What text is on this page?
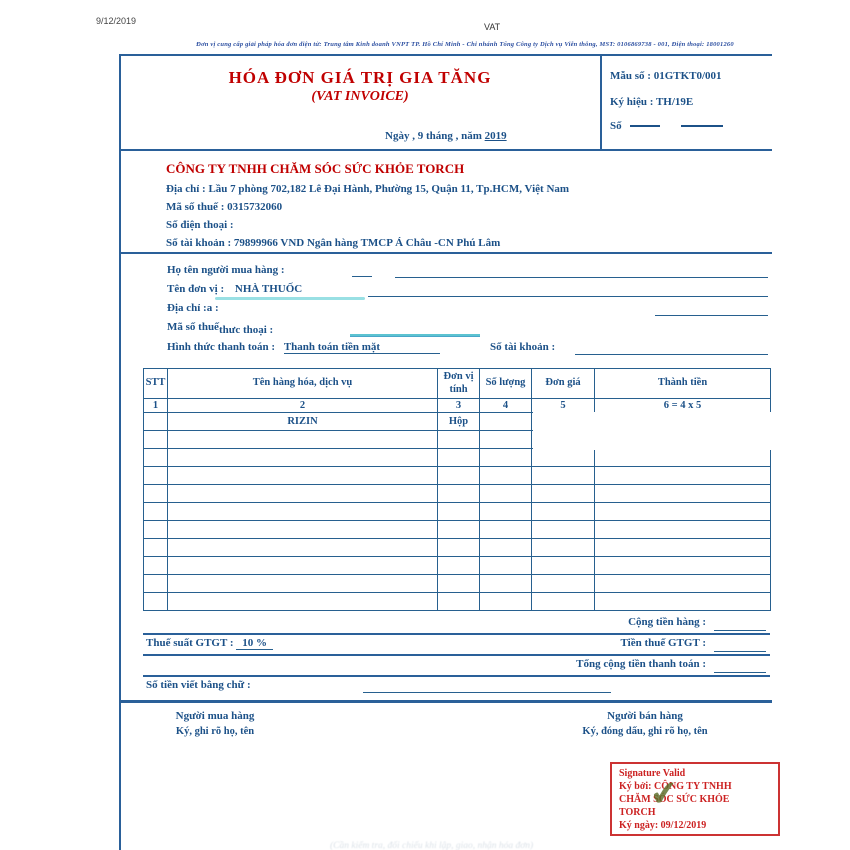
9/12/2019
VAT
Đơn vị cung cấp giải pháp hóa đơn điện tử: Trung tâm Kinh doanh VNPT TP. Hồ Chí Minh - Chi nhánh Tổng Công ty Dịch vụ Viễn thông, MST: 0106869738 - 001, Điện thoại: 18001260
HÓA ĐƠN GIÁ TRỊ GIA TĂNG
(VAT INVOICE)
Ngày , 9 tháng , năm 2019
Mẫu số : 01GTKT0/001
Ký hiệu : TH/19E
Số
CÔNG TY TNHH CHĂM SÓC SỨC KHỎE TORCH
Địa chỉ : Lầu 7 phòng 702,182 Lê Đại Hành, Phường 15, Quận 11, Tp.HCM, Việt Nam
Mã số thuế : 0315732060
Số điện thoại :
Số tài khoản : 79899966 VND Ngân hàng TMCP Á Châu -CN Phú Lâm
Họ tên người mua hàng :
Tên đơn vị : NHÀ THUỐC
Địa chỉ :a :
Mã số thuếthưc thoại :
Hình thức thanh toán : Thanh toán tiền mặt	Số tài khoản :
STT	Tên hàng hóa, dịch vụ	Đơn vị tính	Số lượng	Đơn giá	Thành tiền
1	2	3	4	5	6 = 4 x 5
	RIZIN	Hộp			

Cộng tiền hàng :
Thuế suất GTGT : 10 %	Tiền thuế GTGT :
Tổng cộng tiền thanh toán :
Số tiền viết bằng chữ :
Người mua hàng
Ký, ghi rõ họ, tên
Người bán hàng
Ký, đóng dấu, ghi rõ họ, tên
Signature Valid
Ký bởi: CÔNG TY TNHH
CHĂM SÓC SỨC KHỎE
TORCH
Ký ngày: 09/12/2019
✔
(Cần kiểm tra, đối chiếu khi lập, giao, nhận hóa đơn)
